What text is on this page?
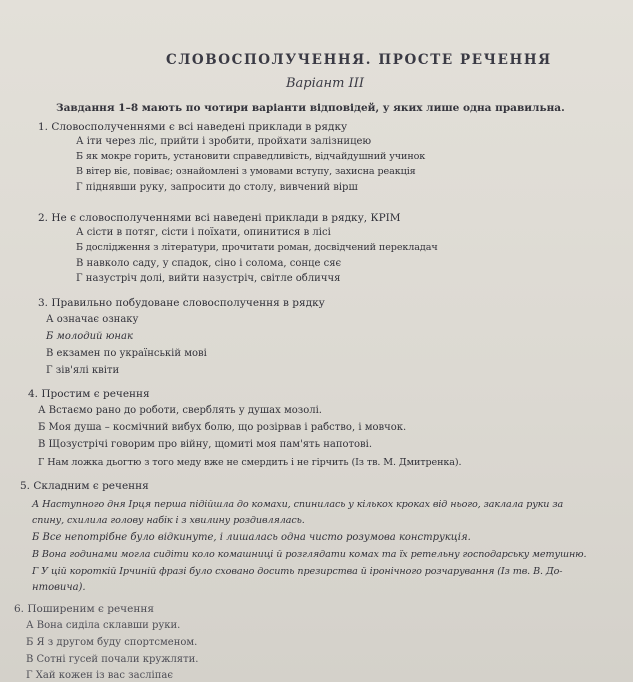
СЛОВОСПОЛУЧЕННЯ. ПРОСТЕ РЕЧЕННЯ
Варіант ІІІ
Завдання 1–8 мають по чотири варіанти відповідей, у яких лише одна правильна.
1. Словосполученнями є всі наведені приклади в рядку
А іти через ліс, прийти і зробити, пройхати залізницею
Б як мокре горить, установити справедливість, відчайдушний учинок
В вітер віє, повіває; ознайомлені з умовами вступу, захисна реакція
Г піднявши руку, запросити до столу, вивчений вірш
2. Не є словосполученнями всі наведені приклади в рядку, КРІМ
А сісти в потяг, сісти і поїхати, опинитися в лісі
Б дослідження з літератури, прочитати роман, досвідчений перекладач
В навколо саду, у спадок, сіно і солома, сонце сяє
Г назустріч долі, вийти назустріч, світле обличчя
3. Правильно побудоване словосполучення в рядку
А означає ознаку
Б молодий юнак
В екзамен по українській мові
Г зів'ялі квіти
4. Простим є речення
А Встаємо рано до роботи, сверблять у душах мозолі.
Б Моя душа – космічний вибух болю, що розірвав і рабство, і мовчок.
В Щозустрічі говорим про війну, щомиті моя пам'ять напотові.
Г Нам ложка дьогтю з того меду вже не смердить і не гірчить (Із тв. М. Дмитренка).
5. Складним є речення
А Наступного дня Ірця перша підійшла до комахи, спинилась у кількох кроках від нього, заклала руки за
спину, схилила голову набік і з хвилину роздивлялась.
Б Все непотрібне було відкинуте, і лишалась одна чисто розумова конструкція.
В Вона годинами могла сидіти коло комашниці й розглядати комах та їх ретельну господарську метушню.
Г У цій короткій Ірчиній фразі було сховано досить презирства й іронічного розчарування (Із тв. В. До-
нтовича).
6. Поширеним є речення
А Вона сиділа склавши руки.
Б Я з другом буду спортсменом.
В Сотні гусей почали кружляти.
Г Хай кожен із вас засліпає
